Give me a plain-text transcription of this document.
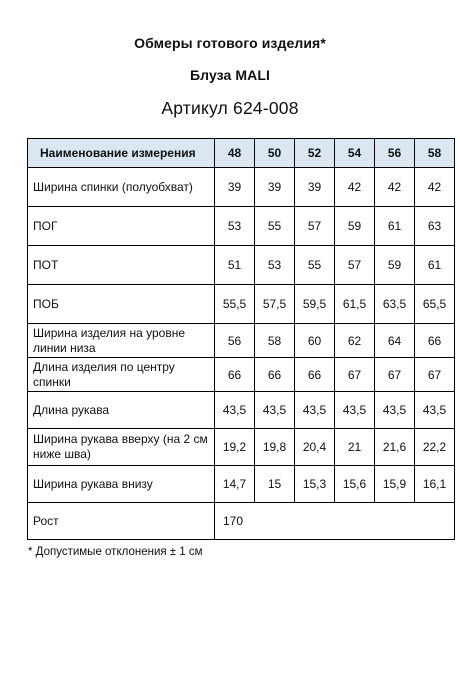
Обмеры готового изделия*
Блуза MALI
Артикул 624-008
Наименование измерения	48	50	52	54	56	58
Ширина спинки (полуобхват)	39	39	39	42	42	42
ПОГ	53	55	57	59	61	63
ПОТ	51	53	55	57	59	61
ПОБ	55,5	57,5	59,5	61,5	63,5	65,5
Ширина изделия на уровне линии низа	56	58	60	62	64	66
Длина изделия по центру спинки	66	66	66	67	67	67
Длина рукава	43,5	43,5	43,5	43,5	43,5	43,5
Ширина рукава вверху (на 2 см ниже шва)	19,2	19,8	20,4	21	21,6	22,2
Ширина рукава внизу	14,7	15	15,3	15,6	15,9	16,1
Рост	170					
* Допустимые отклонения ± 1 см
